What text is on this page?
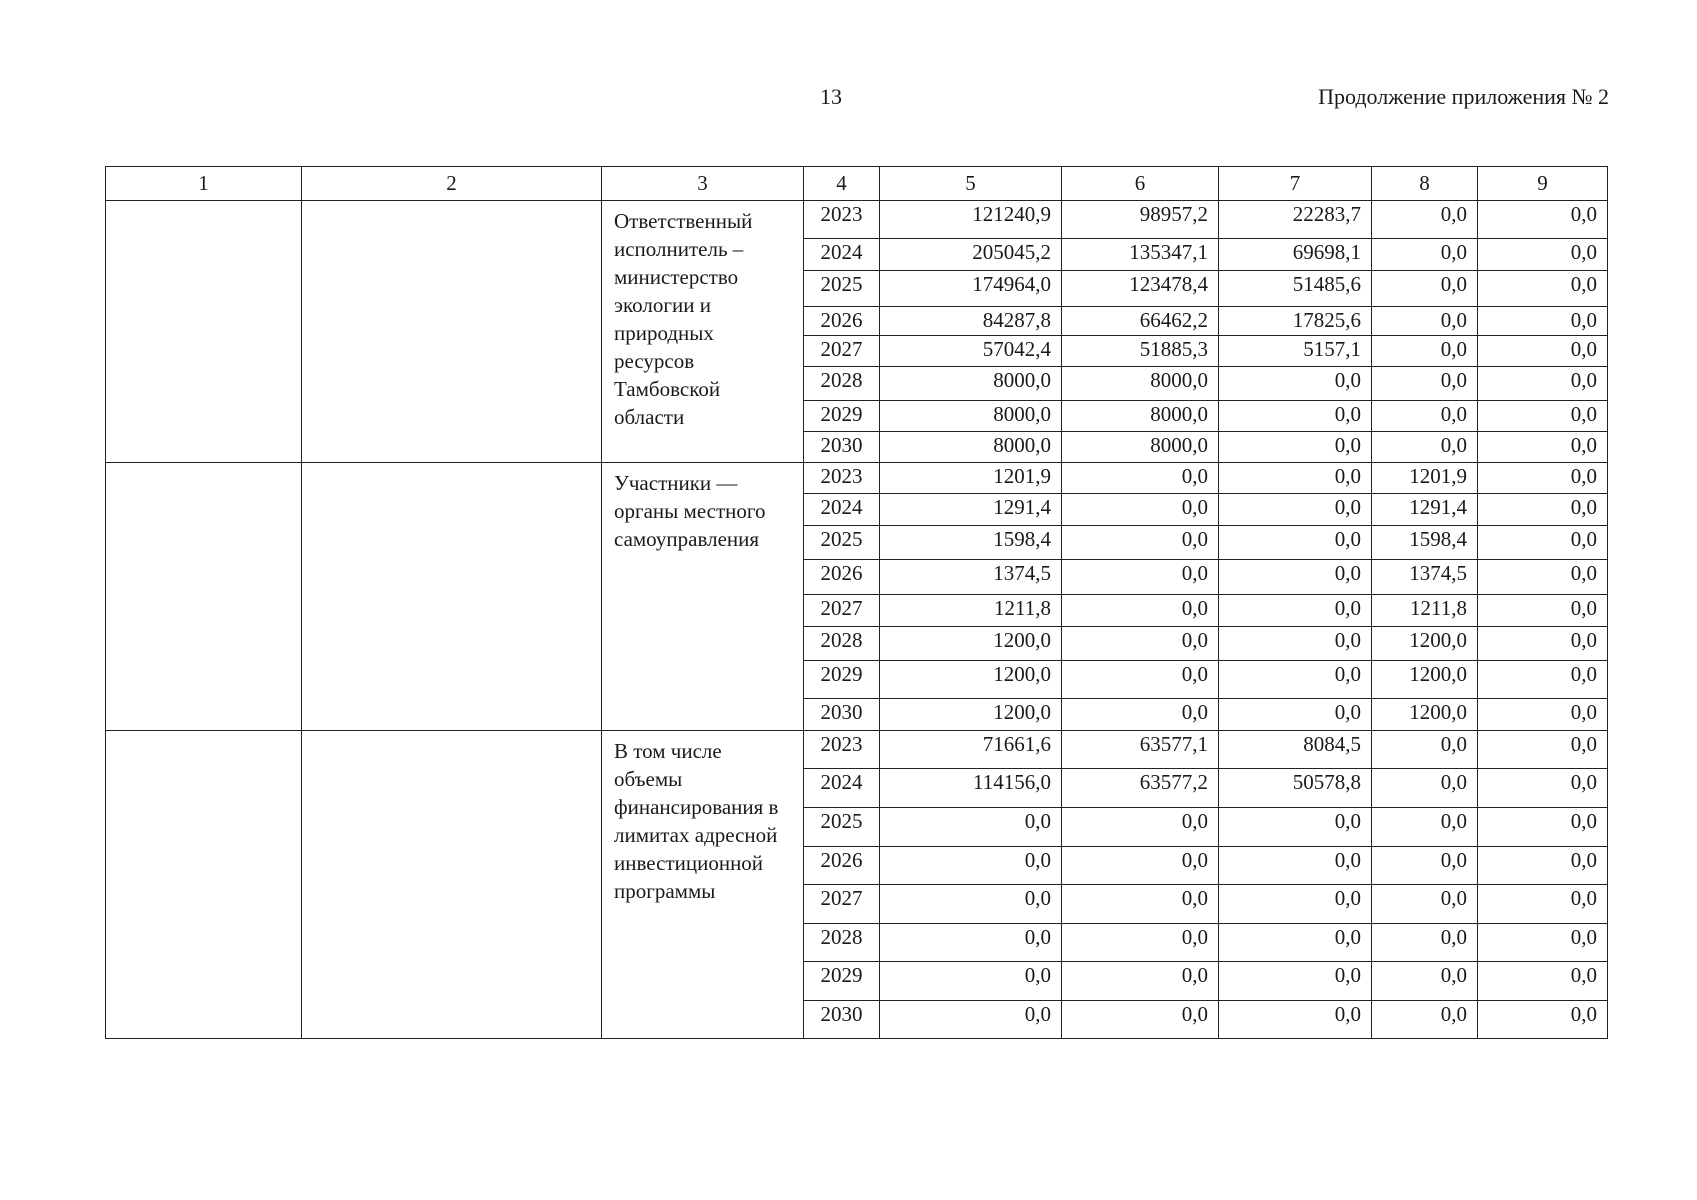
13	Продолжение приложения № 2
1	2	3	4	5	6	7	8	9
		Ответственный исполнитель – министерство экологии и природных ресурсов Тамбовской области	2023	121240,9	98957,2	22283,7	0,0	0,0
			2024	205045,2	135347,1	69698,1	0,0	0,0
			2025	174964,0	123478,4	51485,6	0,0	0,0
			2026	84287,8	66462,2	17825,6	0,0	0,0
			2027	57042,4	51885,3	5157,1	0,0	0,0
			2028	8000,0	8000,0	0,0	0,0	0,0
			2029	8000,0	8000,0	0,0	0,0	0,0
			2030	8000,0	8000,0	0,0	0,0	0,0
		Участники — органы местного самоуправления	2023	1201,9	0,0	0,0	1201,9	0,0
			2024	1291,4	0,0	0,0	1291,4	0,0
			2025	1598,4	0,0	0,0	1598,4	0,0
			2026	1374,5	0,0	0,0	1374,5	0,0
			2027	1211,8	0,0	0,0	1211,8	0,0
			2028	1200,0	0,0	0,0	1200,0	0,0
			2029	1200,0	0,0	0,0	1200,0	0,0
			2030	1200,0	0,0	0,0	1200,0	0,0
		В том числе объемы финансирования в лимитах адресной инвестиционной программы	2023	71661,6	63577,1	8084,5	0,0	0,0
			2024	114156,0	63577,2	50578,8	0,0	0,0
			2025	0,0	0,0	0,0	0,0	0,0
			2026	0,0	0,0	0,0	0,0	0,0
			2027	0,0	0,0	0,0	0,0	0,0
			2028	0,0	0,0	0,0	0,0	0,0
			2029	0,0	0,0	0,0	0,0	0,0
			2030	0,0	0,0	0,0	0,0	0,0
